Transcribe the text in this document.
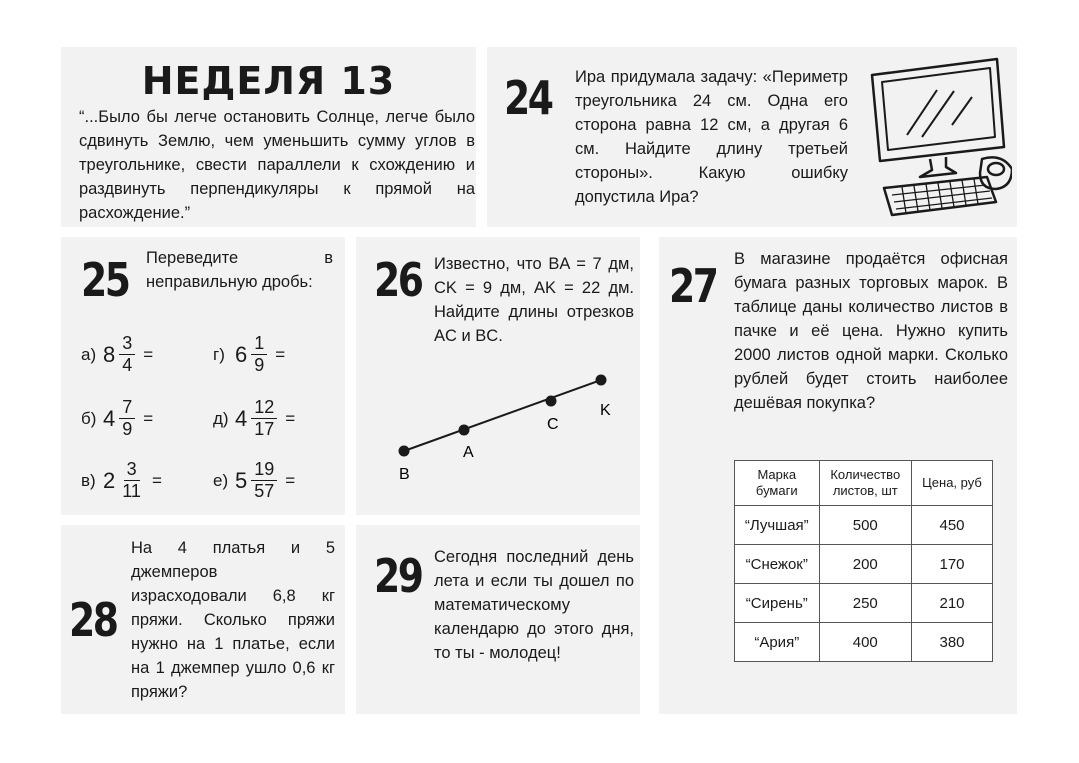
НЕДЕЛЯ 13
“...Было бы легче остановить Солнце, легче было сдвинуть Землю, чем уменьшить сумму углов в треугольнике, свести параллели к схождению и раздвинуть перпендикуляры к прямой на расхождение.”
24 Ира придумала задачу: «Периметр треугольника 24 см. Одна его сторона равна 12 см, а другая 6 см. Найдите длину третьей стороны». Какую ошибку допустила Ира?
25 Переведите в неправильную дробь:
а) $8 \frac{3}{4}$ =	г) $6 \frac{1}{9}$ =
б) $4 \frac{7}{9}$ =	д) $4 \frac{12}{17}$ =
в) $2 \frac{3}{11}$ =	е) $5 \frac{19}{57}$ =
26 Известно, что BA = 7 дм, CK = 9 дм, AK = 22 дм. Найдите длины отрезков AC и BC.
B
A
C
K
27 В магазине продаётся офисная бумага разных торговых марок. В таблице даны количество листов в пачке и её цена. Нужно купить 2000 листов одной марки. Сколько рублей будет стоить наиболее дешёвая покупка?
Марка бумаги	Количество листов, шт	Цена, руб
“Лучшая”	500	450
“Снежок”	200	170
“Сирень”	250	210
“Ария”	400	380
28
На 4 платья и 5 джемперов израсходовали 6,8 кг пряжи. Сколько пряжи нужно на 1 платье, если на 1 джемпер ушло 0,6 кг пряжи?
29 Сегодня последний день лета и если ты дошел по математическому календарю до этого дня, то ты - молодец!
